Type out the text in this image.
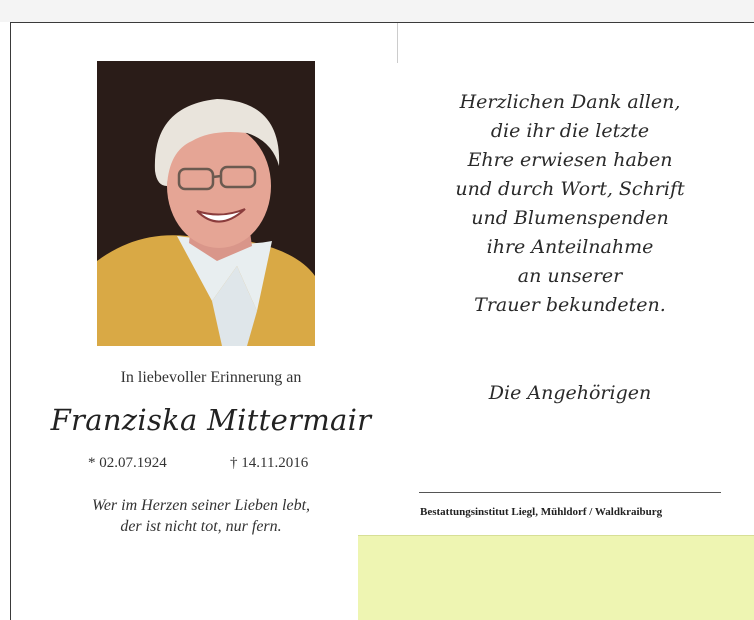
In liebevoller Erinnerung an
Franziska Mittermair
* 02.07.1924	† 14.11.2016
Wer im Herzen seiner Lieben lebt,
der ist nicht tot, nur fern.
Herzlichen Dank allen,
die ihr die letzte
Ehre erwiesen haben
und durch Wort, Schrift
und Blumenspenden
ihre Anteilnahme
an unserer
Trauer bekundeten.
Die Angehörigen
Bestattungsinstitut Liegl, Mühldorf / Waldkraiburg
